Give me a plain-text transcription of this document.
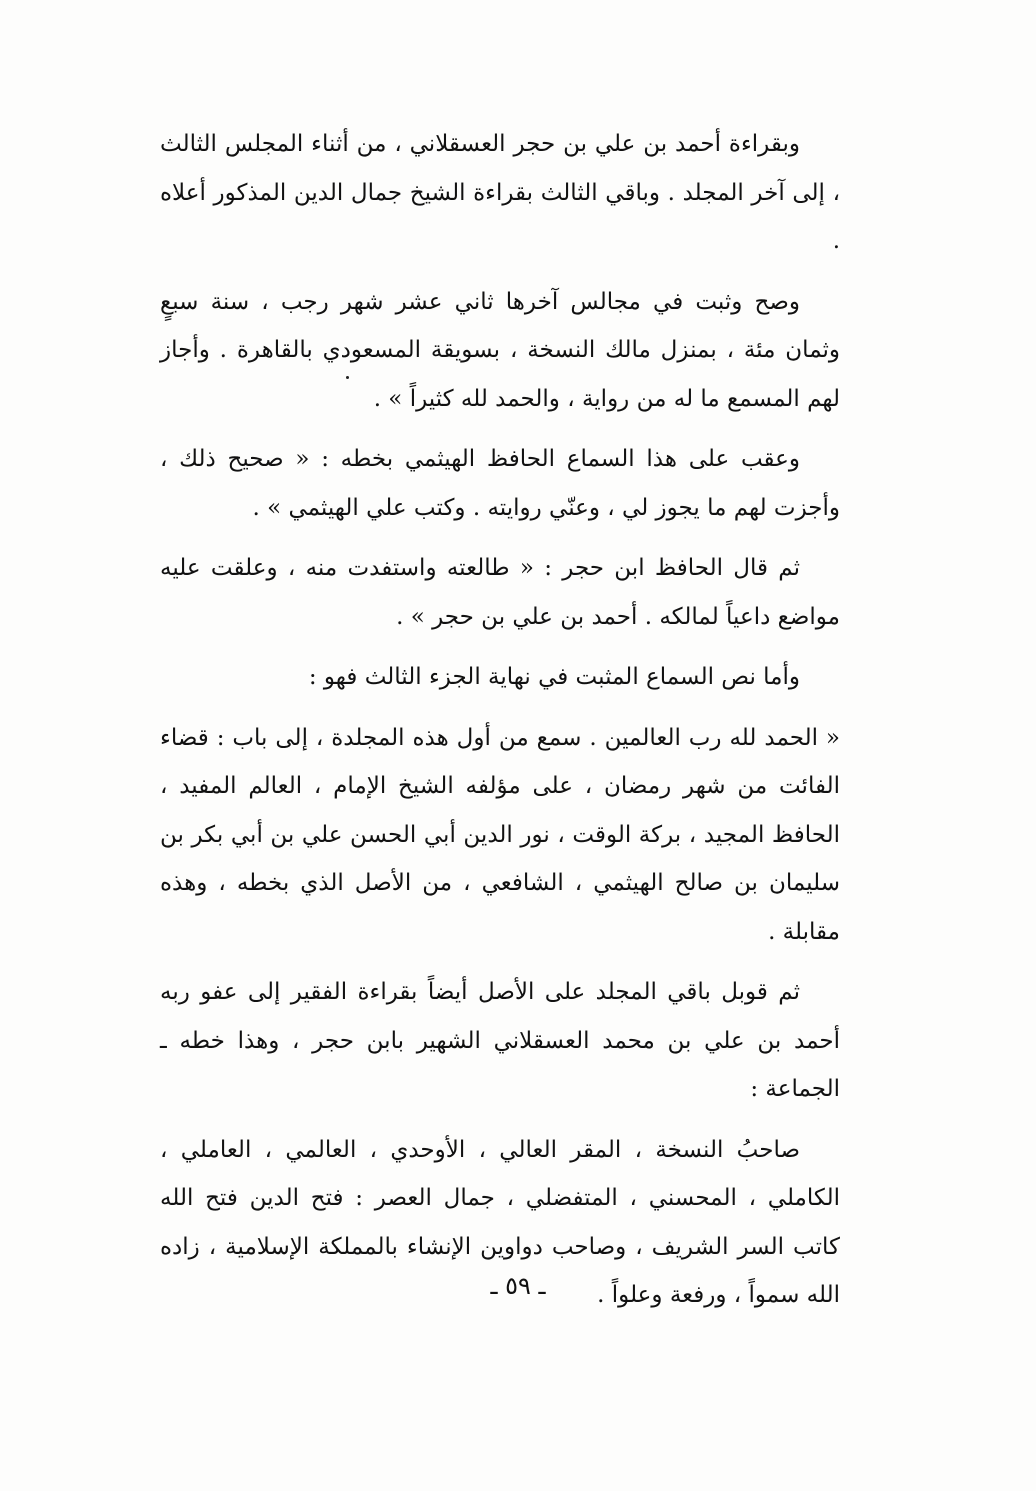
وبقراءة أحمد بن علي بن حجر العسقلاني ، من أثناء المجلس الثالث ، إلى آخر المجلد . وباقي الثالث بقراءة الشيخ جمال الدين المذكور أعلاه .

وصح وثبت في مجالس آخرها ثاني عشر شهر رجب ، سنة سبعٍ وثمان مئة ، بمنزل مالك النسخة ، بسويقة المسعودي بالقاهرة . وأجاز لهم المسمع ما له من رواية ، والحمد لله كثيراً » .

وعقب على هذا السماع الحافظ الهيثمي بخطه : « صحيح ذلك ، وأجزت لهم ما يجوز لي ، وعنّي روايته . وكتب علي الهيثمي » .

ثم قال الحافظ ابن حجر : « طالعته واستفدت منه ، وعلقت عليه مواضع داعياً لمالكه . أحمد بن علي بن حجر » .

وأما نص السماع المثبت في نهاية الجزء الثالث فهو :

« الحمد لله رب العالمين . سمع من أول هذه المجلدة ، إلى باب : قضاء الفائت من شهر رمضان ، على مؤلفه الشيخ الإمام ، العالم المفيد ، الحافظ المجيد ، بركة الوقت ، نور الدين أبي الحسن علي بن أبي بكر بن سليمان بن صالح الهيثمي ، الشافعي ، من الأصل الذي بخطه ، وهذه مقابلة .

ثم قوبل باقي المجلد على الأصل أيضاً بقراءة الفقير إلى عفو ربه أحمد بن علي بن محمد العسقلاني الشهير بابن حجر ، وهذا خطه ـ الجماعة :

صاحبُ النسخة ، المقر العالي ، الأوحدي ، العالمي ، العاملي ، الكاملي ، المحسني ، المتفضلي ، جمال العصر : فتح الدين فتح الله كاتب السر الشريف ، وصاحب دواوين الإنشاء بالمملكة الإسلامية ، زاده الله سمواً ، ورفعة وعلواً .

ـ ٥٩ ـ
